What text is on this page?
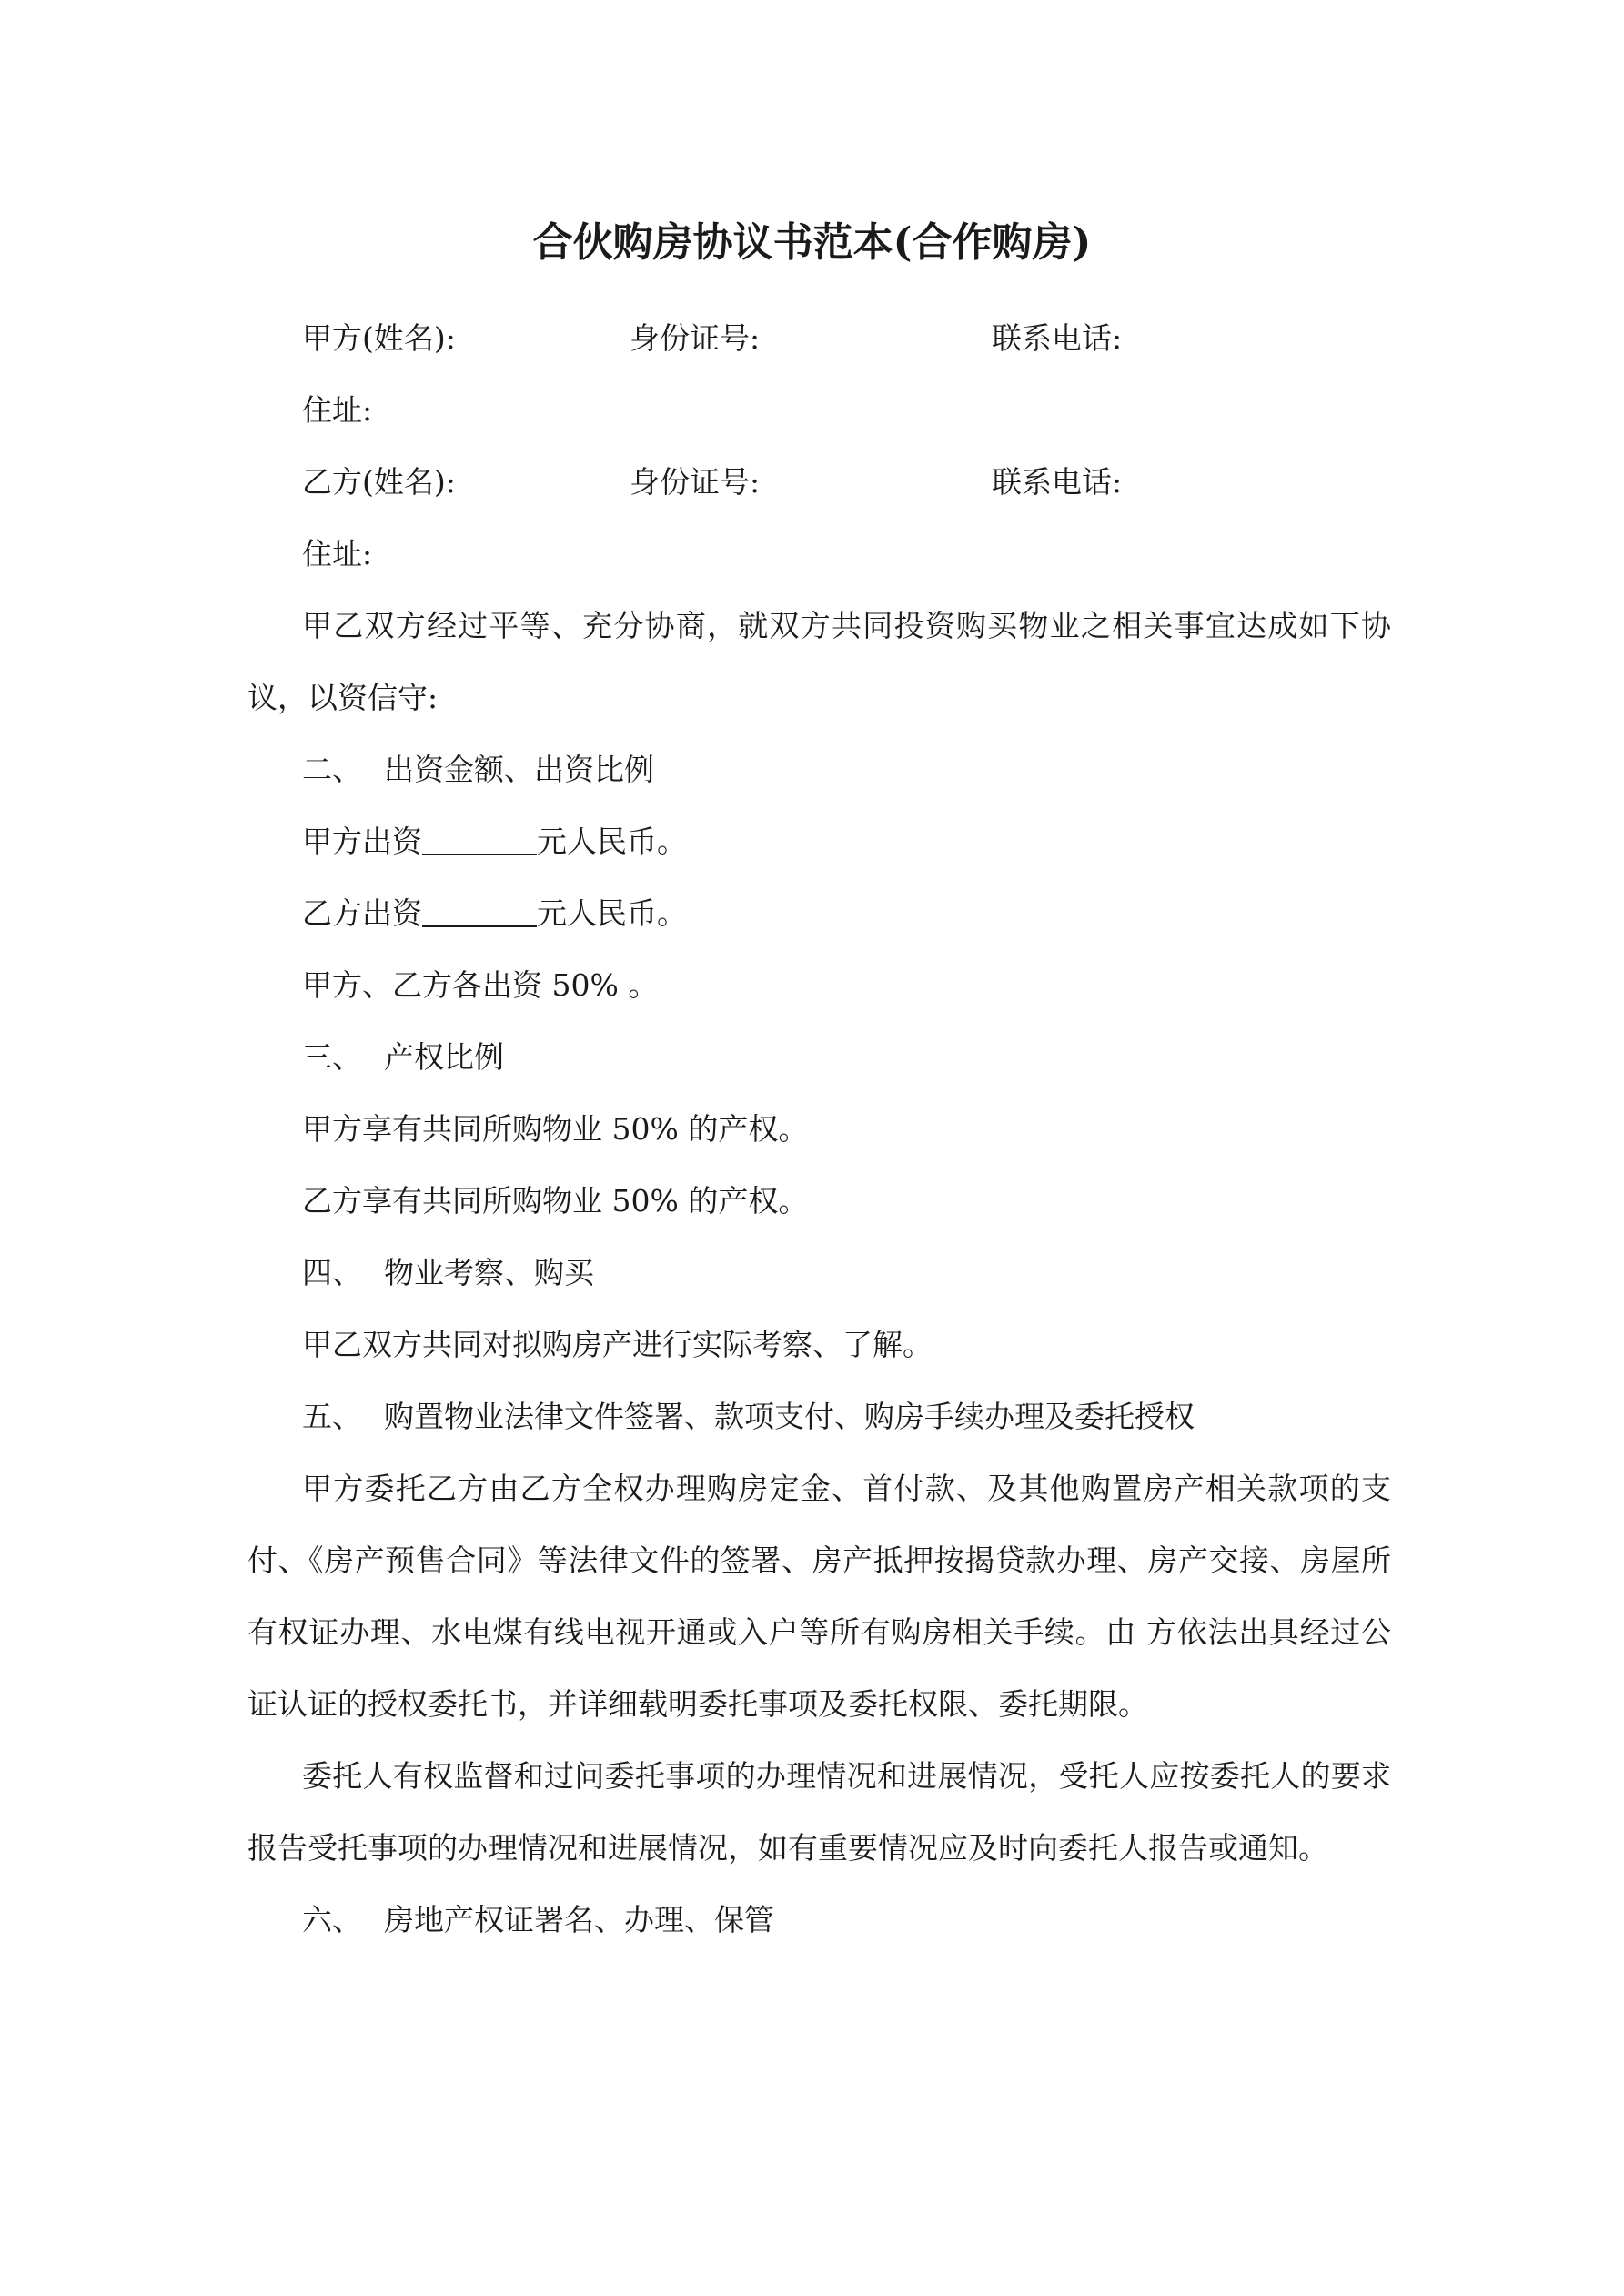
合伙购房协议书范本(合作购房)
甲方(姓名):	身份证号:	联系电话:
住址:
乙方(姓名):	身份证号:	联系电话:
住址:

甲乙双方经过平等、充分协商，就双方共同投资购买物业之相关事宜达成如下协议，以资信守:

二、 出资金额、出资比例

甲方出资	元人民币。

乙方出资	元人民币。

甲方、乙方各出资 50% 。

三、 产权比例

甲方享有共同所购物业 50% 的产权。

乙方享有共同所购物业 50% 的产权。

四、 物业考察、购买

甲乙双方共同对拟购房产进行实际考察、了解。

五、 购置物业法律文件签署、款项支付、购房手续办理及委托授权

甲方委托乙方由乙方全权办理购房定金、首付款、及其他购置房产相关款项的支付、《房产预售合同》等法律文件的签署、房产抵押按揭贷款办理、房产交接、房屋所有权证办理、水电煤有线电视开通或入户等所有购房相关手续。由 方依法出具经过公证认证的授权委托书，并详细载明委托事项及委托权限、委托期限。

委托人有权监督和过问委托事项的办理情况和进展情况，受托人应按委托人的要求报告受托事项的办理情况和进展情况，如有重要情况应及时向委托人报告或通知。

六、 房地产权证署名、办理、保管
